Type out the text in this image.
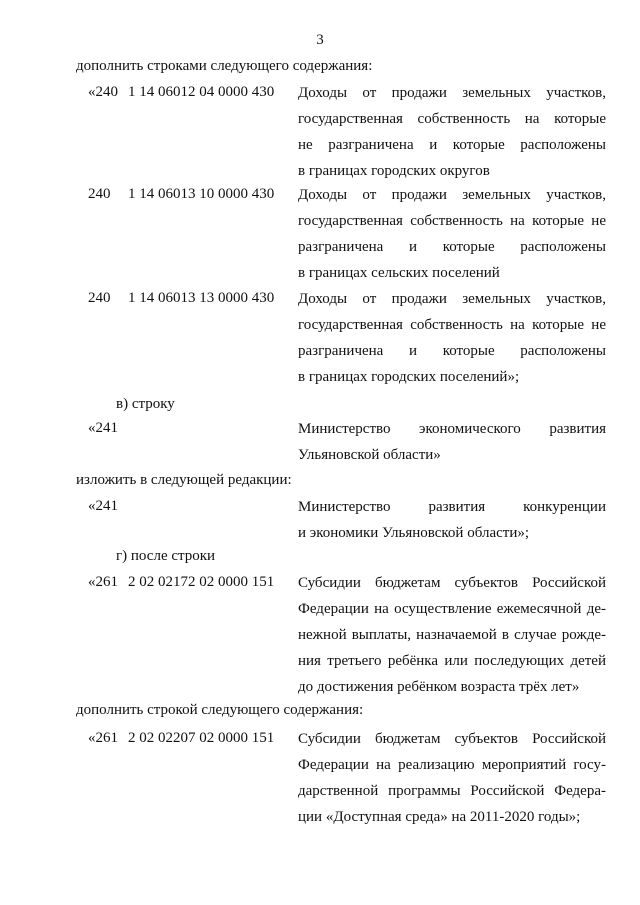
3
дополнить строками следующего содержания:
«240 1 14 06012 04 0000 430 Доходы от продажи земельных участков,
государственная собственность на которые
не разграничена и которые расположены
в границах городских округов
240 1 14 06013 10 0000 430 Доходы от продажи земельных участков,
государственная собственность на которые не
разграничена и которые расположены
в границах сельских поселений
240 1 14 06013 13 0000 430 Доходы от продажи земельных участков,
государственная собственность на которые не
разграничена и которые расположены
в границах городских поселений»;
в) строку
«241	Министерство экономического развития
Ульяновской области»
изложить в следующей редакции:
«241	Министерство развития конкуренции
и экономики Ульяновской области»;
г) после строки
«261 2 02 02172 02 0000 151 Субсидии бюджетам субъектов Российской
Федерации на осуществление ежемесячной де-
нежной выплаты, назначаемой в случае рожде-
ния третьего ребёнка или последующих детей
до достижения ребёнком возраста трёх лет»
дополнить строкой следующего содержания:
«261 2 02 02207 02 0000 151 Субсидии бюджетам субъектов Российской
Федерации на реализацию мероприятий госу-
дарственной программы Российской Федера-
ции «Доступная среда» на 2011-2020 годы»;
